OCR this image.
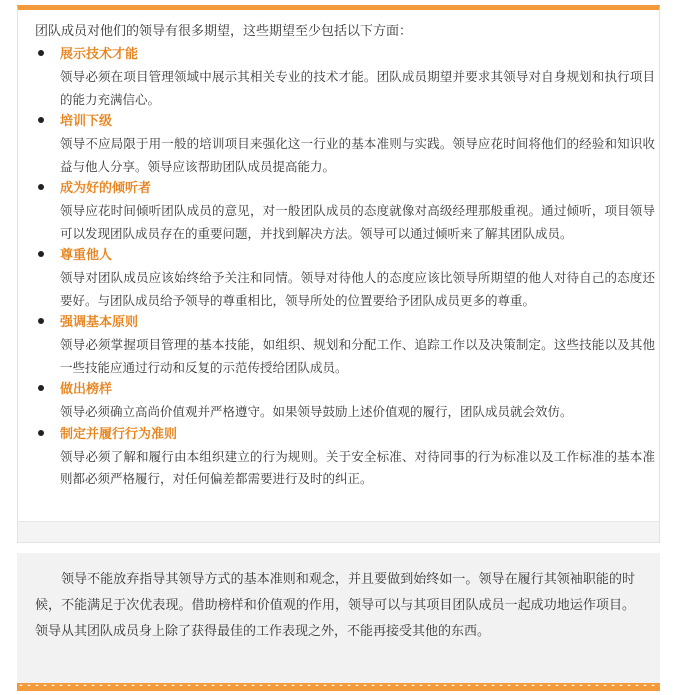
团队成员对他们的领导有很多期望，这些期望至少包括以下方面：
展示技术才能
领导必须在项目管理领域中展示其相关专业的技术才能。团队成员期望并要求其领导对自身规划和执行项目的能力充满信心。
培训下级
领导不应局限于用一般的培训项目来强化这一行业的基本准则与实践。领导应花时间将他们的经验和知识收益与他人分享。领导应该帮助团队成员提高能力。
成为好的倾听者
领导应花时间倾听团队成员的意见，对一般团队成员的态度就像对高级经理那般重视。通过倾听，项目领导可以发现团队成员存在的重要问题，并找到解决方法。领导可以通过倾听来了解其团队成员。
尊重他人
领导对团队成员应该始终给予关注和同情。领导对待他人的态度应该比领导所期望的他人对待自己的态度还要好。与团队成员给予领导的尊重相比，领导所处的位置要给予团队成员更多的尊重。
强调基本原则
领导必须掌握项目管理的基本技能，如组织、规划和分配工作、追踪工作以及决策制定。这些技能以及其他一些技能应通过行动和反复的示范传授给团队成员。
做出榜样
领导必须确立高尚价值观并严格遵守。如果领导鼓励上述价值观的履行，团队成员就会效仿。
制定并履行行为准则
领导必须了解和履行由本组织建立的行为规则。关于安全标准、对待同事的行为标准以及工作标准的基本准则都必须严格履行，对任何偏差都需要进行及时的纠正。

领导不能放弃指导其领导方式的基本准则和观念，并且要做到始终如一。领导在履行其领袖职能的时候，不能满足于次优表现。借助榜样和价值观的作用，领导可以与其项目团队成员一起成功地运作项目。领导从其团队成员身上除了获得最佳的工作表现之外，不能再接受其他的东西。
